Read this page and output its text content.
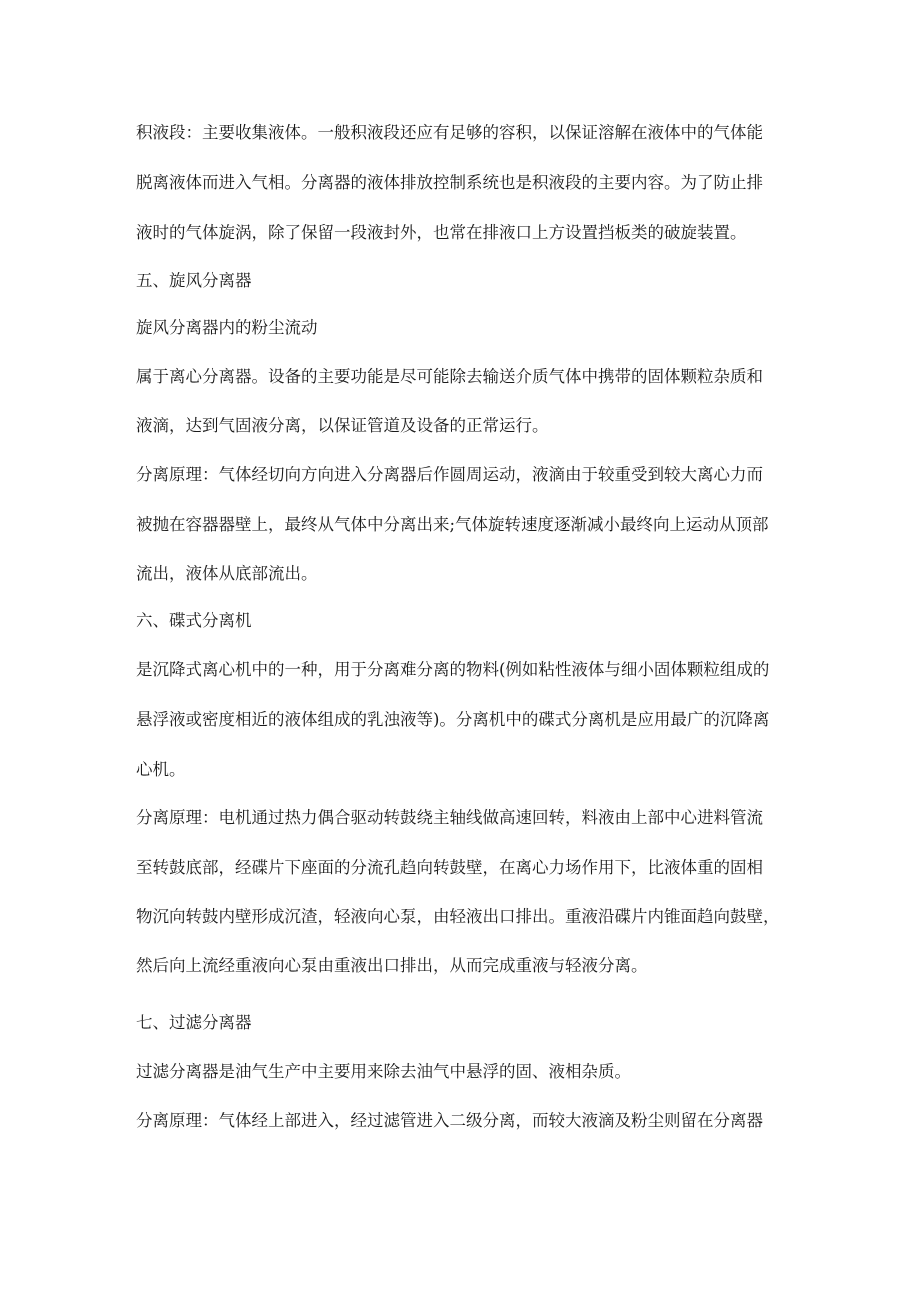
积液段：主要收集液体。一般积液段还应有足够的容积，以保证溶解在液体中的气体能
脱离液体而进入气相。分离器的液体排放控制系统也是积液段的主要内容。为了防止排
液时的气体旋涡，除了保留一段液封外，也常在排液口上方设置挡板类的破旋装置。
五、旋风分离器
旋风分离器内的粉尘流动
属于离心分离器。设备的主要功能是尽可能除去输送介质气体中携带的固体颗粒杂质和
液滴，达到气固液分离，以保证管道及设备的正常运行。
分离原理：气体经切向方向进入分离器后作圆周运动，液滴由于较重受到较大离心力而
被抛在容器器壁上，最终从气体中分离出来;气体旋转速度逐渐减小最终向上运动从顶部
流出，液体从底部流出。
六、碟式分离机
是沉降式离心机中的一种，用于分离难分离的物料(例如粘性液体与细小固体颗粒组成的
悬浮液或密度相近的液体组成的乳浊液等)。分离机中的碟式分离机是应用最广的沉降离
心机。
分离原理：电机通过热力偶合驱动转鼓绕主轴线做高速回转，料液由上部中心进料管流
至转鼓底部，经碟片下座面的分流孔趋向转鼓壁，在离心力场作用下，比液体重的固相
物沉向转鼓内壁形成沉渣，轻液向心泵，由轻液出口排出。重液沿碟片内锥面趋向鼓壁，
然后向上流经重液向心泵由重液出口排出，从而完成重液与轻液分离。
七、过滤分离器
过滤分离器是油气生产中主要用来除去油气中悬浮的固、液相杂质。
分离原理：气体经上部进入，经过滤管进入二级分离，而较大液滴及粉尘则留在分离器
